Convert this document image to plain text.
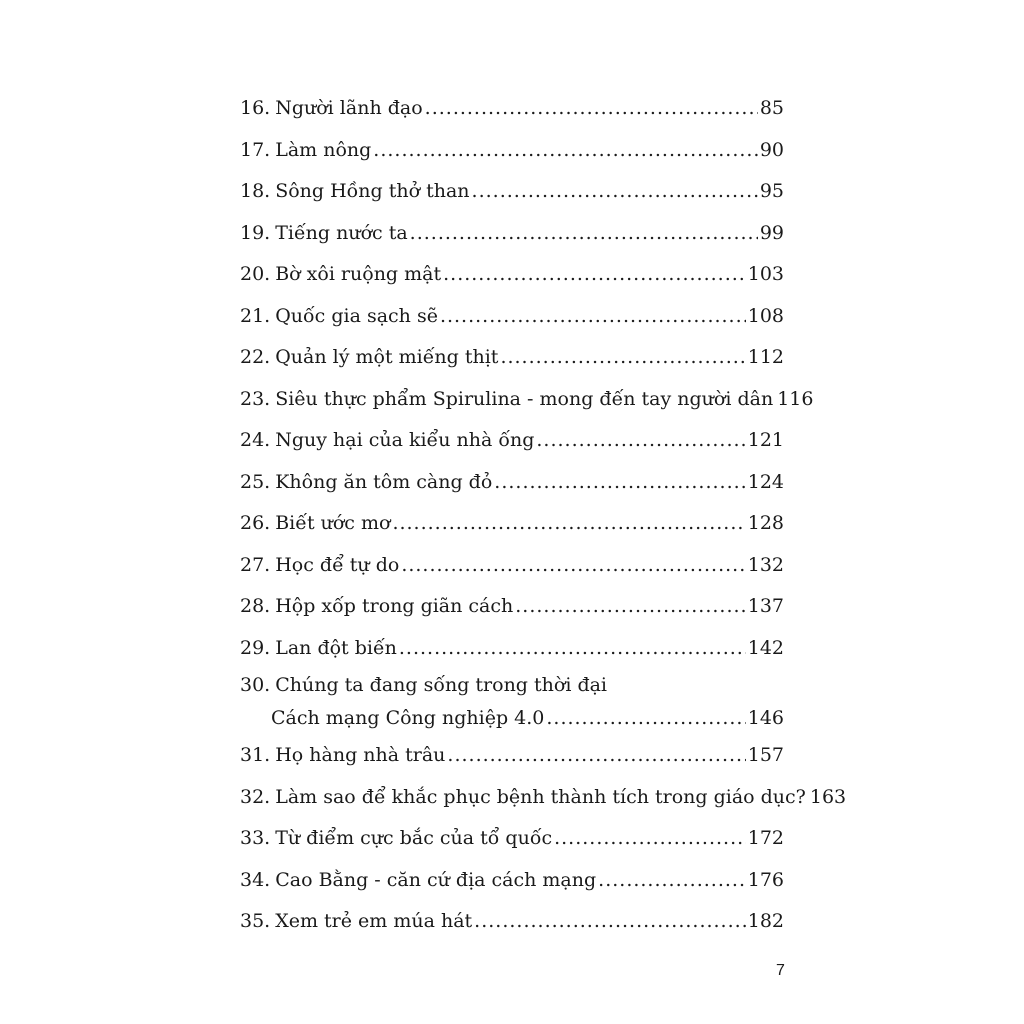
16. Người lãnh đạo .....	85
17. Làm nông .....	90
18. Sông Hồng thở than .....	95
19. Tiếng nước ta .....	99
20. Bờ xôi ruộng mật .....	103
21. Quốc gia sạch sẽ .....	108
22. Quản lý một miếng thịt .....	112
23. Siêu thực phẩm Spirulina - mong đến tay người dân 116
24. Nguy hại của kiểu nhà ống .....	121
25. Không ăn tôm càng đỏ .....	124
26. Biết ước mơ .....	128
27. Học để tự do .....	132
28. Hộp xốp trong giãn cách .....	137
29. Lan đột biến .....	142
30. Chúng ta đang sống trong thời đại
Cách mạng Công nghiệp 4.0 .....	146
31. Họ hàng nhà trâu .....	157
32. Làm sao để khắc phục bệnh thành tích trong giáo dục? 163
33. Từ điểm cực bắc của tổ quốc .....	172
34. Cao Bằng - căn cứ địa cách mạng .....	176
35. Xem trẻ em múa hát .....	182
7
